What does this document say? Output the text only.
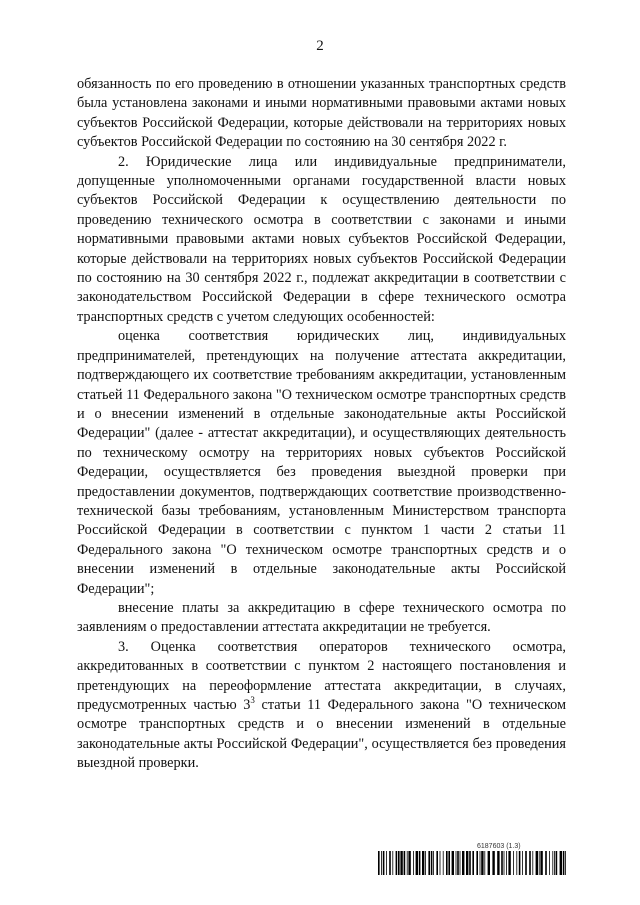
2

обязанность по его проведению в отношении указанных транспортных средств была установлена законами и иными нормативными правовыми актами новых субъектов Российской Федерации, которые действовали на территориях новых субъектов Российской Федерации по состоянию на 30 сентября 2022 г.

2. Юридические лица или индивидуальные предприниматели, допущенные уполномоченными органами государственной власти новых субъектов Российской Федерации к осуществлению деятельности по проведению технического осмотра в соответствии с законами и иными нормативными правовыми актами новых субъектов Российской Федерации, которые действовали на территориях новых субъектов Российской Федерации по состоянию на 30 сентября 2022 г., подлежат аккредитации в соответствии с законодательством Российской Федерации в сфере технического осмотра транспортных средств с учетом следующих особенностей:

оценка соответствия юридических лиц, индивидуальных предпринимателей, претендующих на получение аттестата аккредитации, подтверждающего их соответствие требованиям аккредитации, установленным статьей 11 Федерального закона "О техническом осмотре транспортных средств и о внесении изменений в отдельные законодательные акты Российской Федерации" (далее - аттестат аккредитации), и осуществляющих деятельность по техническому осмотру на территориях новых субъектов Российской Федерации, осуществляется без проведения выездной проверки при предоставлении документов, подтверждающих соответствие производственно-технической базы требованиям, установленным Министерством транспорта Российской Федерации в соответствии с пунктом 1 части 2 статьи 11 Федерального закона "О техническом осмотре транспортных средств и о внесении изменений в отдельные законодательные акты Российской Федерации";

внесение платы за аккредитацию в сфере технического осмотра по заявлениям о предоставлении аттестата аккредитации не требуется.

3. Оценка соответствия операторов технического осмотра, аккредитованных в соответствии с пунктом 2 настоящего постановления и претендующих на переоформление аттестата аккредитации, в случаях, предусмотренных частью $3^3$ статьи 11 Федерального закона "О техническом осмотре транспортных средств и о внесении изменений в отдельные законодательные акты Российской Федерации", осуществляется без проведения выездной проверки.

6187603 (1.3)
